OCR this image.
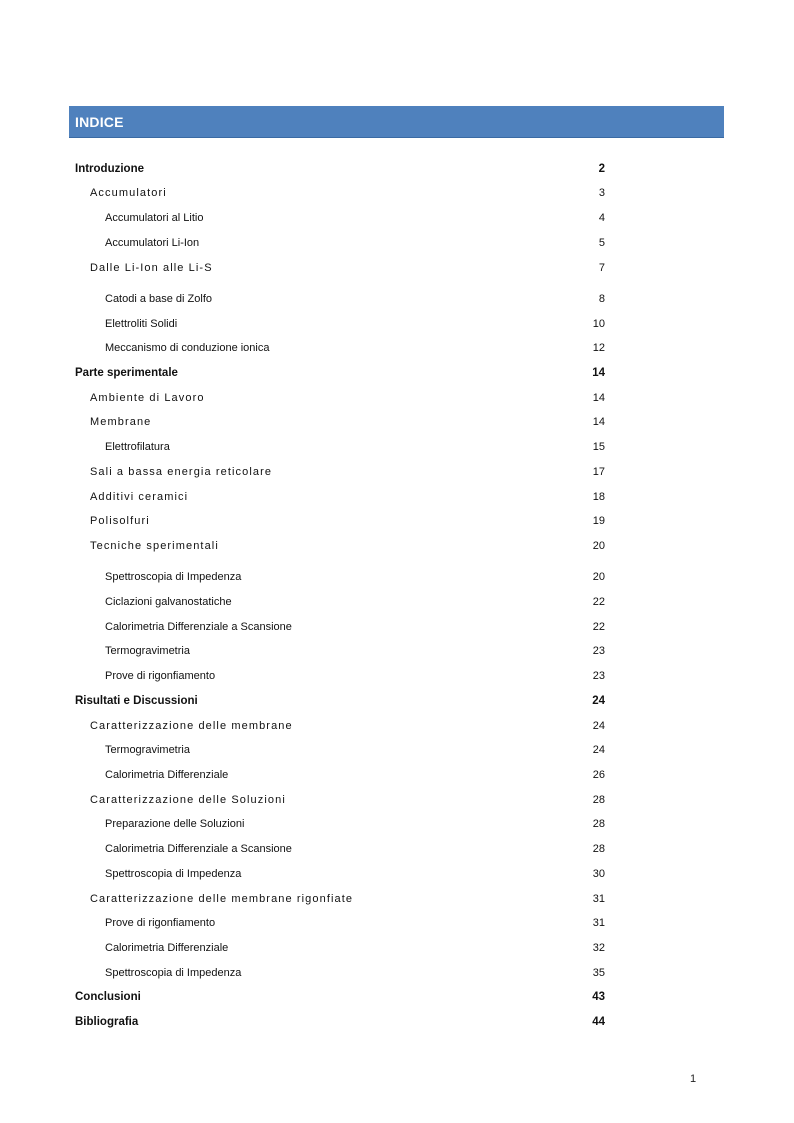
INDICE
Introduzione	2
Accumulatori	3
Accumulatori al Litio	4
Accumulatori Li-Ion	5
Dalle Li-Ion alle Li-S	7
Catodi a base di Zolfo	8
Elettroliti Solidi	10
Meccanismo di conduzione ionica	12
Parte sperimentale	14
Ambiente di Lavoro	14
Membrane	14
Elettrofilatura	15
Sali a bassa energia reticolare	17
Additivi ceramici	18
Polisolfuri	19
Tecniche sperimentali	20
Spettroscopia di Impedenza	20
Ciclazioni galvanostatiche	22
Calorimetria Differenziale a Scansione	22
Termogravimetria	23
Prove di rigonfiamento	23
Risultati e Discussioni	24
Caratterizzazione delle membrane	24
Termogravimetria	24
Calorimetria Differenziale	26
Caratterizzazione delle Soluzioni	28
Preparazione delle Soluzioni	28
Calorimetria Differenziale a Scansione	28
Spettroscopia di Impedenza	30
Caratterizzazione delle membrane rigonfiate	31
Prove di rigonfiamento	31
Calorimetria Differenziale	32
Spettroscopia di Impedenza	35
Conclusioni	43
Bibliografia	44
1
